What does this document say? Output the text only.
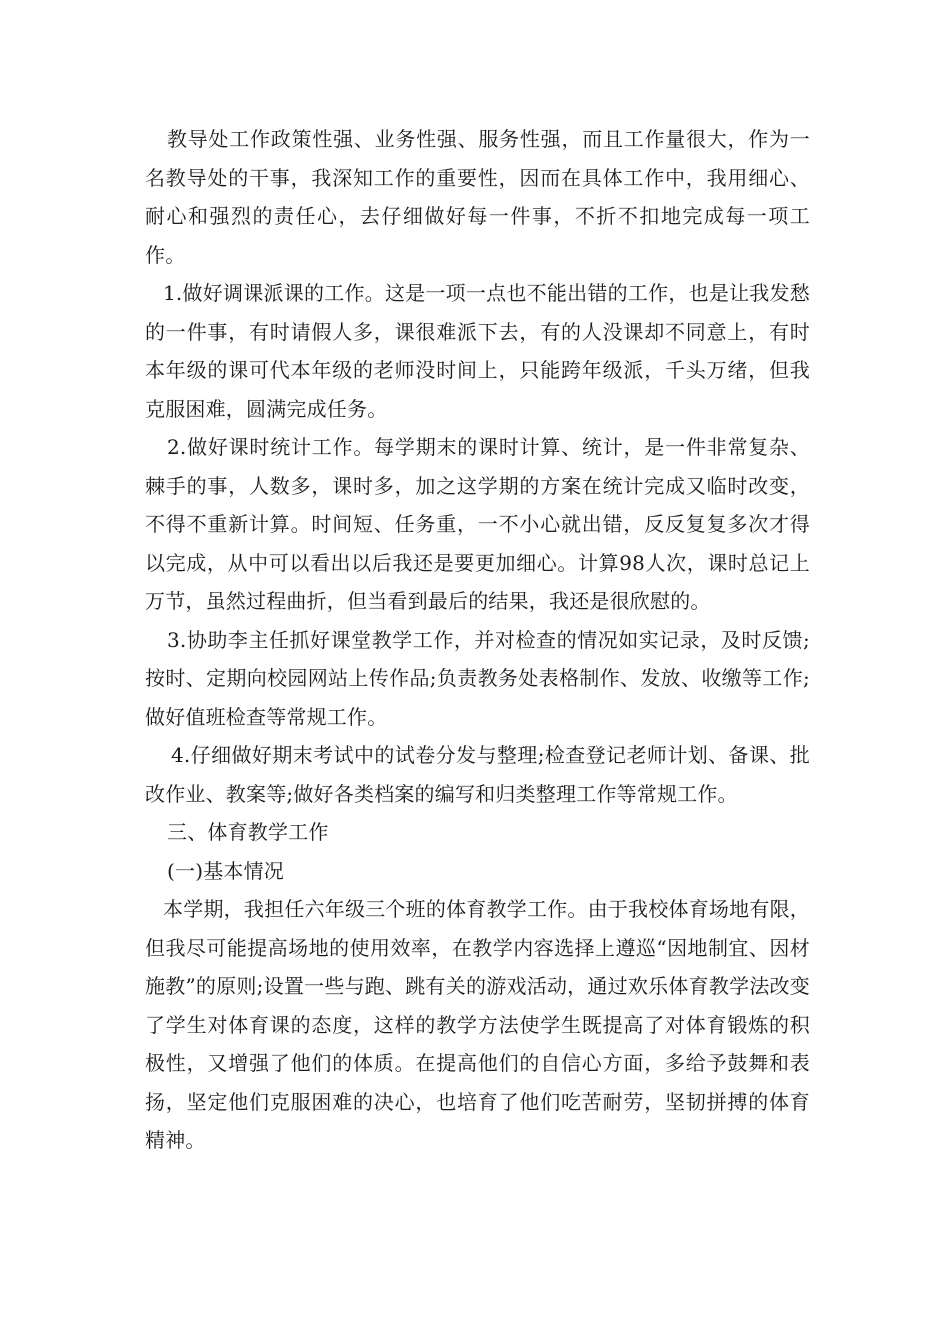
教导处工作政策性强、业务性强、服务性强，而且工作量很大，作为一名教导处的干事，我深知工作的重要性，因而在具体工作中，我用细心、耐心和强烈的责任心，去仔细做好每一件事，不折不扣地完成每一项工作。

1.做好调课派课的工作。这是一项一点也不能出错的工作，也是让我发愁的一件事，有时请假人多，课很难派下去，有的人没课却不同意上，有时本年级的课可代本年级的老师没时间上，只能跨年级派，千头万绪，但我克服困难，圆满完成任务。

2.做好课时统计工作。每学期末的课时计算、统计，是一件非常复杂、棘手的事，人数多，课时多，加之这学期的方案在统计完成又临时改变，不得不重新计算。时间短、任务重，一不小心就出错，反反复复多次才得以完成，从中可以看出以后我还是要更加细心。计算98人次，课时总记上万节，虽然过程曲折，但当看到最后的结果，我还是很欣慰的。

3.协助李主任抓好课堂教学工作，并对检查的情况如实记录，及时反馈;按时、定期向校园网站上传作品;负责教务处表格制作、发放、收缴等工作;做好值班检查等常规工作。

4.仔细做好期末考试中的试卷分发与整理;检查登记老师计划、备课、批改作业、教案等;做好各类档案的编写和归类整理工作等常规工作。

三、体育教学工作

(一)基本情况

本学期，我担任六年级三个班的体育教学工作。由于我校体育场地有限，但我尽可能提高场地的使用效率，在教学内容选择上遵巡“因地制宜、因材施教”的原则;设置一些与跑、跳有关的游戏活动，通过欢乐体育教学法改变了学生对体育课的态度，这样的教学方法使学生既提高了对体育锻炼的积极性，又增强了他们的体质。在提高他们的自信心方面，多给予鼓舞和表扬，坚定他们克服困难的决心，也培育了他们吃苦耐劳，坚韧拼搏的体育精神。
